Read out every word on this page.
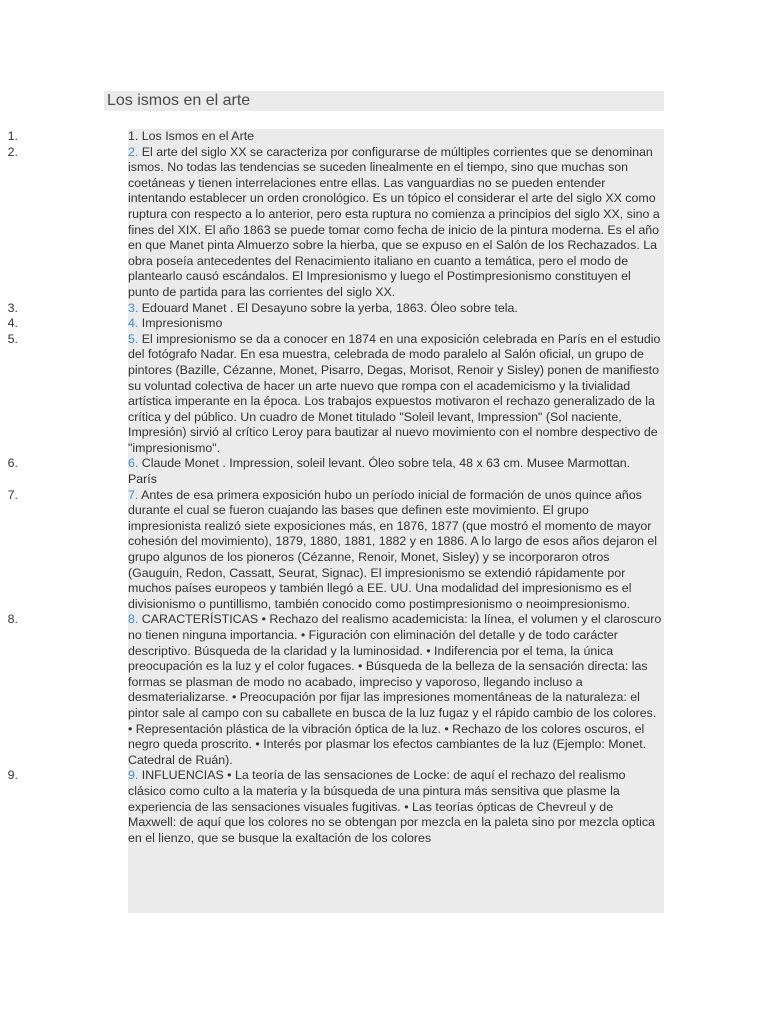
Los ismos en el arte
1.	1. Los Ismos en el Arte
2.	2. El arte del siglo XX se caracteriza por configurarse de múltiples corrientes que se denominan ismos. No todas las tendencias se suceden linealmente en el tiempo, sino que muchas son coetáneas y tienen interrelaciones entre ellas. Las vanguardias no se pueden entender intentando establecer un orden cronológico. Es un tópico el considerar el arte del siglo XX como ruptura con respecto a lo anterior, pero esta ruptura no comienza a principios del siglo XX, sino a fines del XIX. El año 1863 se puede tomar como fecha de inicio de la pintura moderna. Es el año en que Manet pinta Almuerzo sobre la hierba, que se expuso en el Salón de los Rechazados. La obra poseía antecedentes del Renacimiento italiano en cuanto a temática, pero el modo de plantearlo causó escándalos. El Impresionismo y luego el Postimpresionismo constituyen el punto de partida para las corrientes del siglo XX.
3.	3. Edouard Manet . El Desayuno sobre la yerba, 1863. Óleo sobre tela.
4.	4. Impresionismo
5.	5. El impresionismo se da a conocer en 1874 en una exposición celebrada en París en el estudio del fotógrafo Nadar. En esa muestra, celebrada de modo paralelo al Salón oficial, un grupo de pintores (Bazille, Cézanne, Monet, Pisarro, Degas, Morisot, Renoir y Sisley) ponen de manifiesto su voluntad colectiva de hacer un arte nuevo que rompa con el academicismo y la tivialidad artística imperante en la época. Los trabajos expuestos motivaron el rechazo generalizado de la crítica y del público. Un cuadro de Monet titulado "Soleil levant, Impression" (Sol naciente, Impresión) sirvió al crítico Leroy para bautizar al nuevo movimiento con el nombre despectivo de "impresionismo".
6.	6. Claude Monet . Impression, soleil levant. Óleo sobre tela, 48 x 63 cm. Musee Marmottan. París
7.	7. Antes de esa primera exposición hubo un período inicial de formación de unos quince años durante el cual se fueron cuajando las bases que definen este movimiento. El grupo impresionista realizó siete exposiciones más, en 1876, 1877 (que mostró el momento de mayor cohesión del movimiento), 1879, 1880, 1881, 1882 y en 1886. A lo largo de esos años dejaron el grupo algunos de los pioneros (Cézanne, Renoir, Monet, Sisley) y se incorporaron otros (Gauguin, Redon, Cassatt, Seurat, Signac). El impresionismo se extendió rápidamente por muchos países europeos y también llegó a EE. UU. Una modalidad del impresionismo es el divisionismo o puntillismo, también conocido como postimpresionismo o neoimpresionismo.
8.	8. CARACTERÍSTICAS • Rechazo del realismo academicista: la línea, el volumen y el claroscuro no tienen ninguna importancia. • Figuración con eliminación del detalle y de todo carácter descriptivo. Búsqueda de la claridad y la luminosidad. • Indiferencia por el tema, la única preocupación es la luz y el color fugaces. • Búsqueda de la belleza de la sensación directa: las formas se plasman de modo no acabado, impreciso y vaporoso, llegando incluso a desmaterializarse. • Preocupación por fijar las impresiones momentáneas de la naturaleza: el pintor sale al campo con su caballete en busca de la luz fugaz y el rápido cambio de los colores. • Representación plástica de la vibración óptica de la luz. • Rechazo de los colores oscuros, el negro queda proscrito. • Interés por plasmar los efectos cambiantes de la luz (Ejemplo: Monet. Catedral de Ruán).
9.	9. INFLUENCIAS • La teoría de las sensaciones de Locke: de aquí el rechazo del realismo clásico como culto a la materia y la búsqueda de una pintura más sensitiva que plasme la experiencia de las sensaciones visuales fugitivas. • Las teorías ópticas de Chevreul y de Maxwell: de aquí que los colores no se obtengan por mezcla en la paleta sino por mezcla optica en el lienzo, que se busque la exaltación de los colores
